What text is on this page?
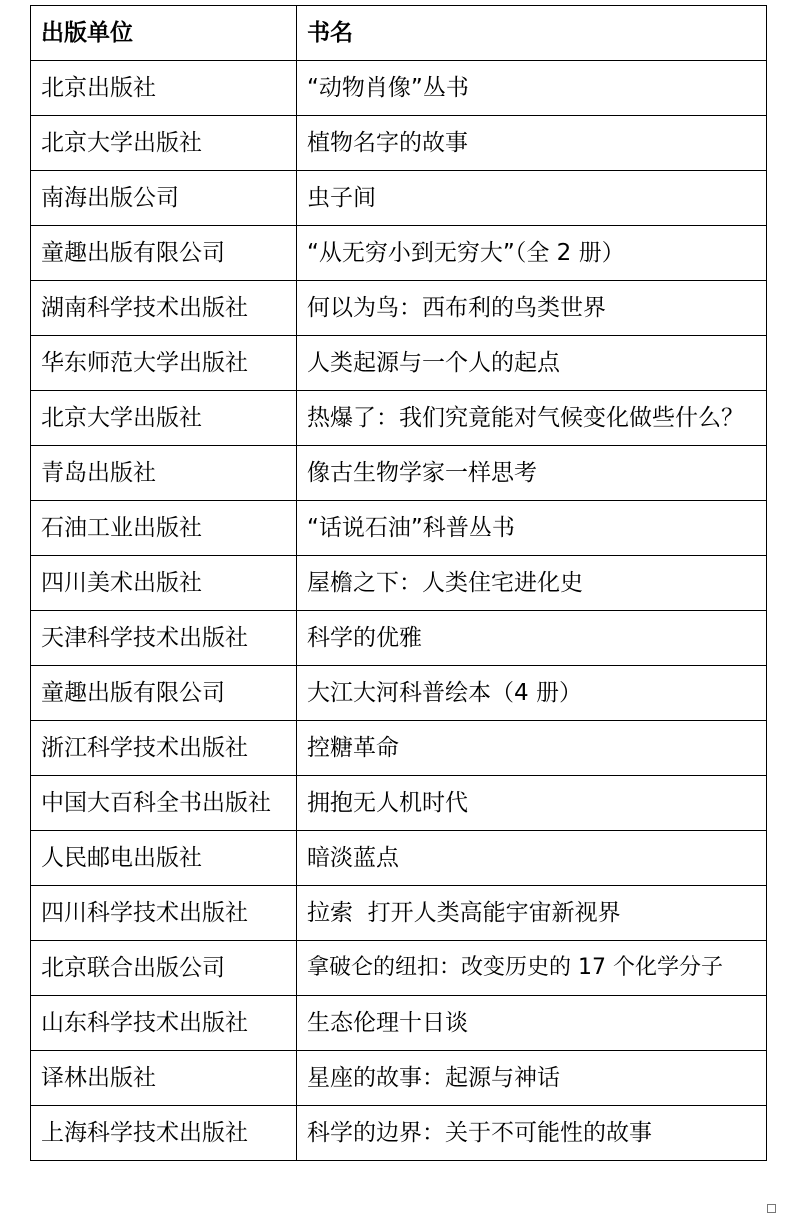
出版单位	书名
北京出版社	“动物肖像”丛书
北京大学出版社	植物名字的故事
南海出版公司	虫子间
童趣出版有限公司	“从无穷小到无穷大”（全 2 册）
湖南科学技术出版社	何以为鸟：西布利的鸟类世界
华东师范大学出版社	人类起源与一个人的起点
北京大学出版社	热爆了：我们究竟能对气候变化做些什么？
青岛出版社	像古生物学家一样思考
石油工业出版社	“话说石油”科普丛书
四川美术出版社	屋檐之下：人类住宅进化史
天津科学技术出版社	科学的优雅
童趣出版有限公司	大江大河科普绘本（4 册）
浙江科学技术出版社	控糖革命
中国大百科全书出版社	拥抱无人机时代
人民邮电出版社	暗淡蓝点
四川科学技术出版社	拉索  打开人类高能宇宙新视界
北京联合出版公司	拿破仑的纽扣：改变历史的 17 个化学分子
山东科学技术出版社	生态伦理十日谈
译林出版社	星座的故事：起源与神话
上海科学技术出版社	科学的边界：关于不可能性的故事
